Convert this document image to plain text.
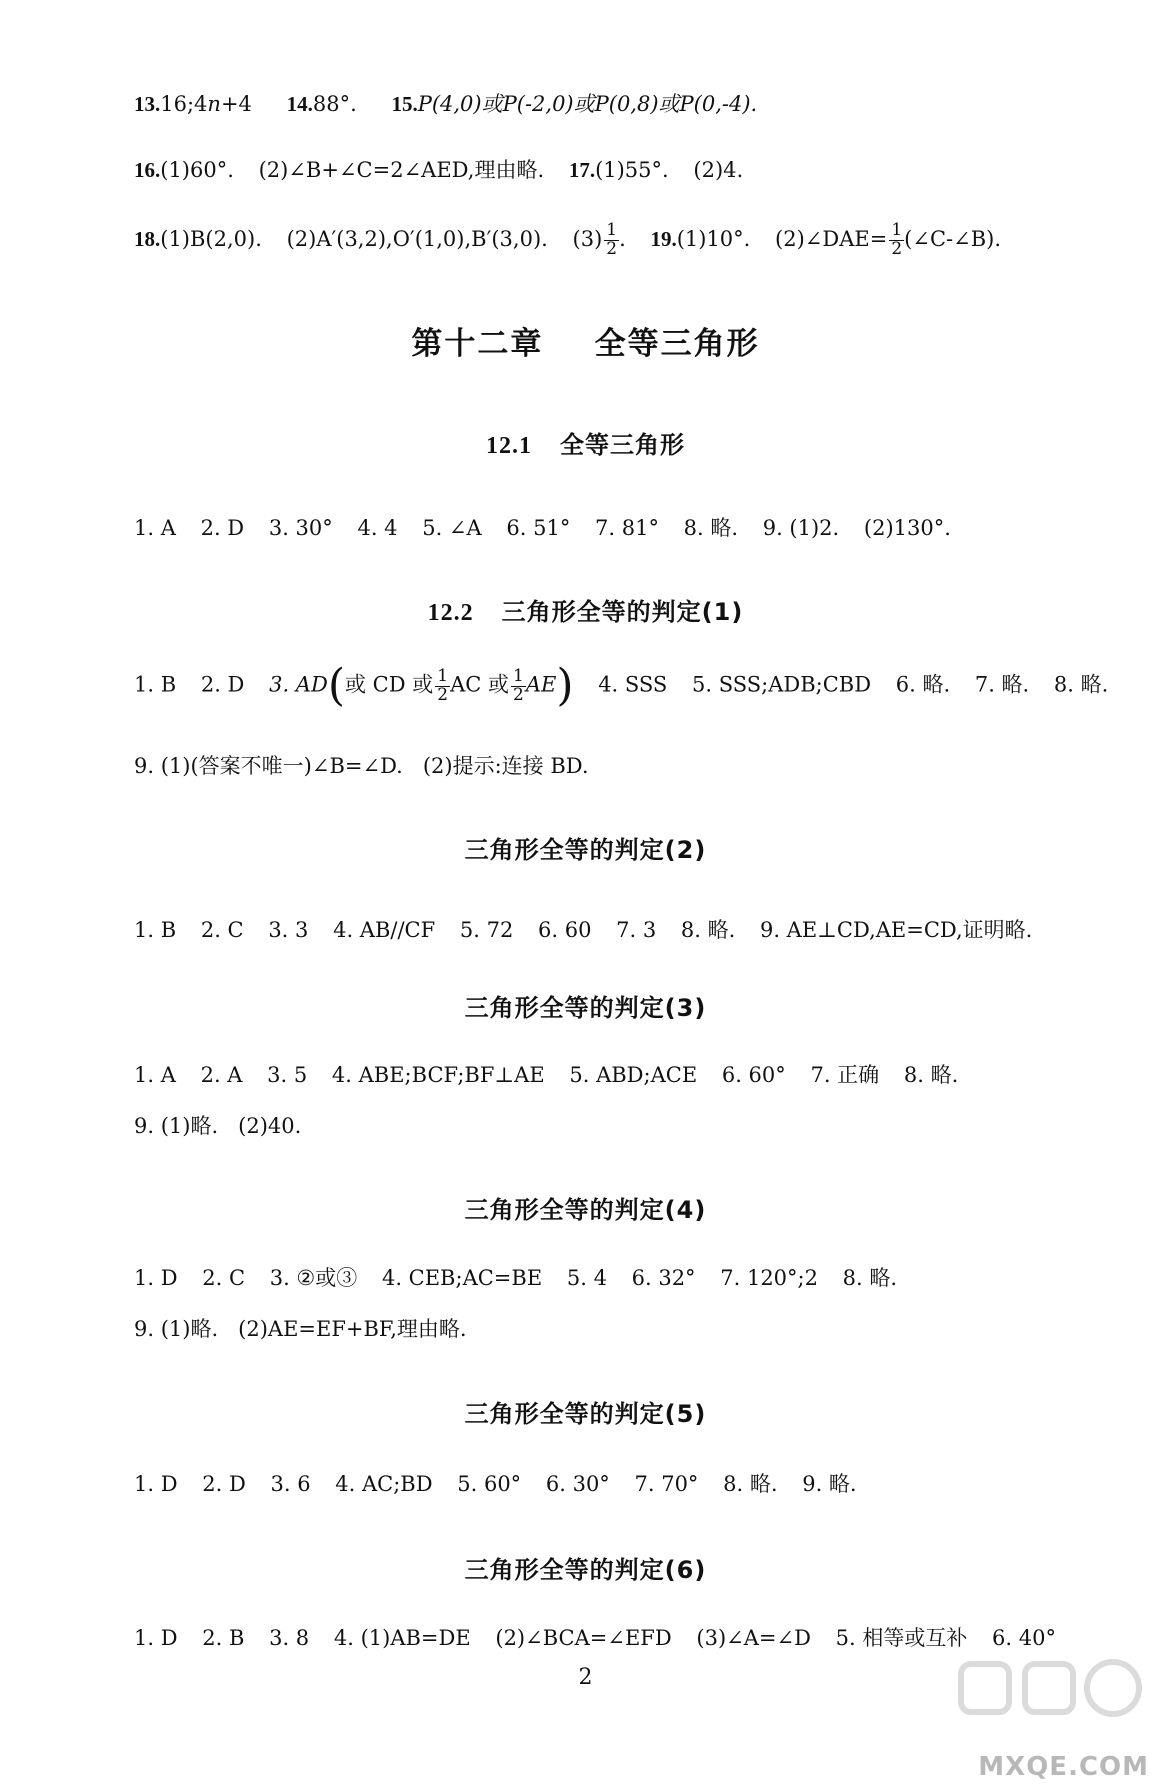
13.16;4n+4 14.88°. 15.P(4,0)或P(-2,0)或P(0,8)或P(0,-4).
16.(1)60°. (2)∠B+∠C=2∠AED,理由略. 17.(1)55°. (2)4.
18.(1)B(2,0). (2)A′(3,2),O′(1,0),B′(3,0). $(3) \frac{1}{2}$ . 19.(1)10°. (2)∠DAE= $\frac{1}{2}$ (∠C-∠B).
第十二章    全等三角形
12.1 全等三角形
1. A 2. D 3. 30° 4. 4 5. ∠A 6. 51° 7. 81° 8. 略. 9. (1)2. (2)130°.
12.2 三角形全等的判定(1)
1. B 2. D 3. AD(或 CD 或 $\frac{1}{2}$ AC 或 $\frac{1}{2} AE$) 4. SSS 5. SSS;ADB;CBD 6. 略. 7. 略. 8. 略.
9. (1)(答案不唯一)∠B=∠D.   (2)提示:连接 BD.
三角形全等的判定(2)
1. B 2. C 3. 3 4. AB//CF 5. 72 6. 60 7. 3 8. 略. 9. AE⊥CD,AE=CD,证明略.
三角形全等的判定(3)
1. A 2. A 3. 5 4. ABE;BCF;BF⊥AE 5. ABD;ACE 6. 60° 7. 正确 8. 略.
9. (1)略.   (2)40.
三角形全等的判定(4)
1. D 2. C 3. ②或③ 4. CEB;AC=BE 5. 4 6. 32° 7. 120°;2 8. 略.
9. (1)略.   (2)AE=EF+BF,理由略.
三角形全等的判定(5)
1. D 2. D 3. 6 4. AC;BD 5. 60° 6. 30° 7. 70° 8. 略. 9. 略.
三角形全等的判定(6)
1. D 2. B 3. 8 4. (1)AB=DE (2)∠BCA=∠EFD (3)∠A=∠D 5. 相等或互补 6. 40°
2
MXQE.COM
